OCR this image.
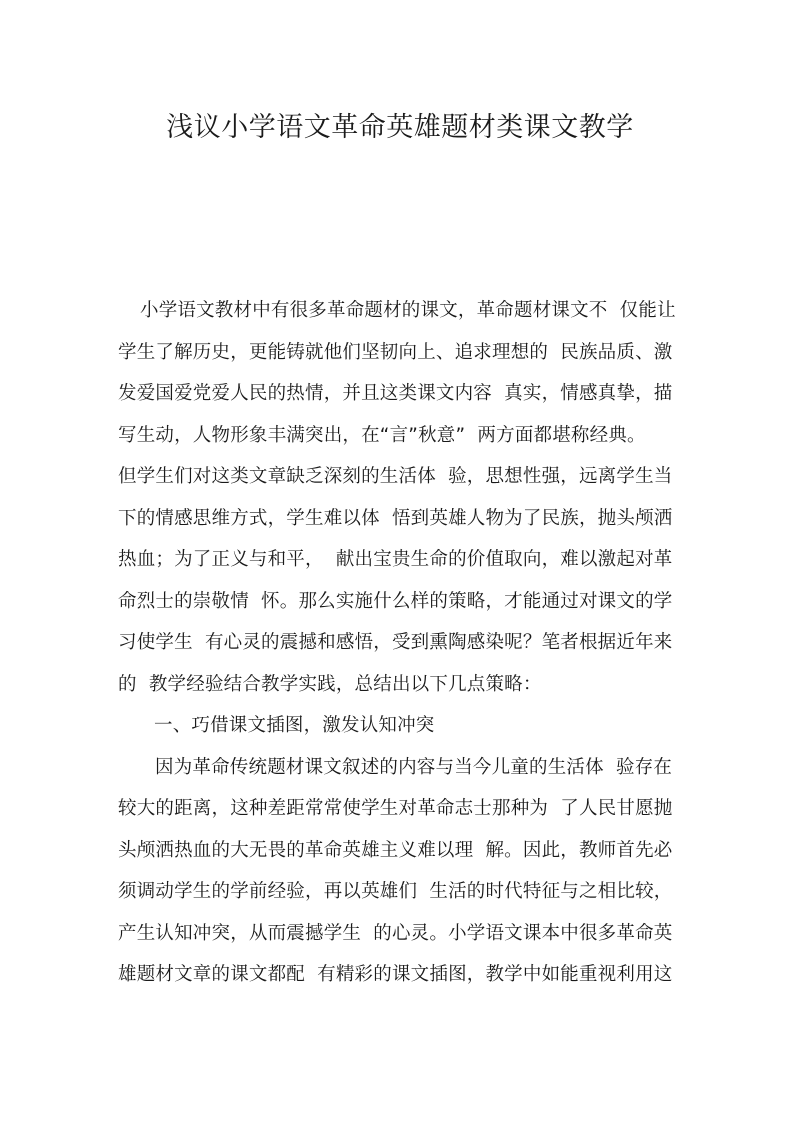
浅议小学语文革命英雄题材类课文教学
小学语文教材中有很多革命题材的课文，革命题材课文不  仅能让
学生了解历史，更能铸就他们坚韧向上、追求理想的  民族品质、激
发爱国爱党爱人民的热情，并且这类课文内容  真实，情感真挚，描
写生动，人物形象丰满突出，在“言”秋意”  两方面都堪称经典。
但学生们对这类文章缺乏深刻的生活体  验，思想性强，远离学生当
下的情感思维方式，学生难以体  悟到英雄人物为了民族，抛头颅洒
热血；为了正义与和平，  献出宝贵生命的价值取向，难以激起对革
命烈士的崇敬情  怀。那么实施什么样的策略，才能通过对课文的学
习使学生  有心灵的震撼和感悟，受到熏陶感染呢？笔者根据近年来
的  教学经验结合教学实践，总结出以下几点策略：
一、巧借课文插图，激发认知冲突
因为革命传统题材课文叙述的内容与当今儿童的生活体  验存在
较大的距离，这种差距常常使学生对革命志士那种为  了人民甘愿抛
头颅洒热血的大无畏的革命英雄主义难以理  解。因此，教师首先必
须调动学生的学前经验，再以英雄们  生活的时代特征与之相比较，
产生认知冲突，从而震撼学生  的心灵。小学语文课本中很多革命英
雄题材文章的课文都配  有精彩的课文插图，教学中如能重视利用这
